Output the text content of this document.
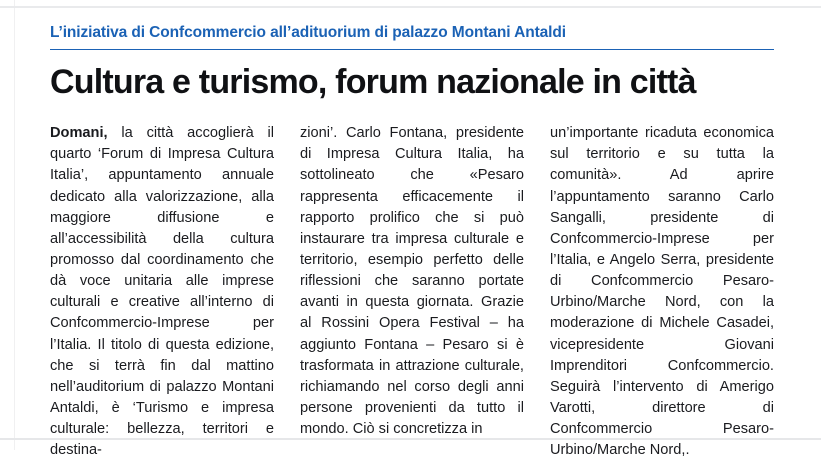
L’iniziativa di Confcommercio all’adituorium di palazzo Montani Antaldi
Cultura e turismo, forum nazionale in città

Domani, la città accoglierà il quarto ‘Forum di Impresa Cultura Italia’, appuntamento annuale dedicato alla valorizzazione, alla maggiore diffusione e all’accessibilità della cultura promosso dal coordinamento che dà voce unitaria alle imprese culturali e creative all’interno di Confcommercio-Imprese per l’Italia. Il titolo di questa edizione, che si terrà fin dal mattino nell’auditorium di palazzo Montani Antaldi, è ‘Turismo e impresa culturale: bellezza, territori e destina-

zioni’. Carlo Fontana, presidente di Impresa Cultura Italia, ha sottolineato che «Pesaro rappresenta efficacemente il rapporto prolifico che si può instaurare tra impresa culturale e territorio, esempio perfetto delle riflessioni che saranno portate avanti in questa giornata. Grazie al Rossini Opera Festival – ha aggiunto Fontana – Pesaro si è trasformata in attrazione culturale, richiamando nel corso degli anni persone provenienti da tutto il mondo. Ciò si concretizza in

un’importante ricaduta economica sul territorio e su tutta la comunità». Ad aprire l’appuntamento saranno Carlo Sangalli, presidente di Confcommercio-Imprese per l’Italia, e Angelo Serra, presidente di Confcommercio Pesaro-Urbino/Marche Nord, con la moderazione di Michele Casadei, vicepresidente Giovani Imprenditori Confcommercio. Seguirà l’intervento di Amerigo Varotti, direttore di Confcommercio Pesaro-Urbino/Marche Nord,.
